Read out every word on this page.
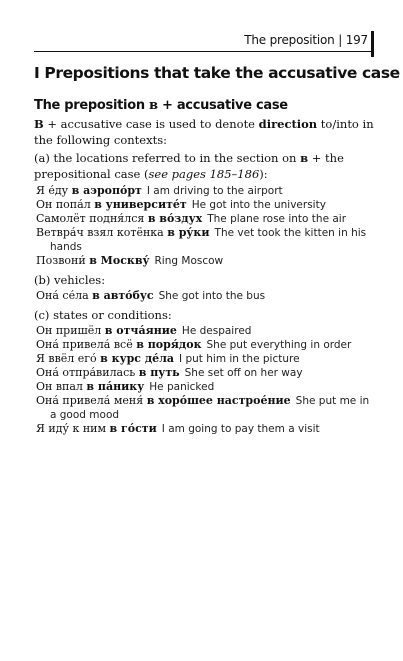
The preposition | 197
I Prepositions that take the accusative case
The preposition в + accusative case

В + accusative case is used to denote direction to/into in the following contexts:

(a) the locations referred to in the section on в + the prepositional case (see pages 185–186):

Я е́ду в аэропо́рт I am driving to the airport
Он попа́л в университе́т He got into the university
Самолёт подня́лся в во́здух The plane rose into the air
Ветвра́ч взял котёнка в ру́ки The vet took the kitten in his hands
Позвони́ в Москву́ Ring Moscow

(b) vehicles:

Она́ се́ла в авто́бус She got into the bus

(c) states or conditions:

Он пришёл в отча́яние He despaired
Она́ привела́ всё в поря́док She put everything in order
Я ввёл его́ в курс де́ла I put him in the picture
Она́ отпра́вилась в путь She set off on her way
Он впал в па́нику He panicked
Она́ привела́ меня́ в хоро́шее настрое́ние She put me in a good mood
Я иду́ к ним в го́сти I am going to pay them a visit
